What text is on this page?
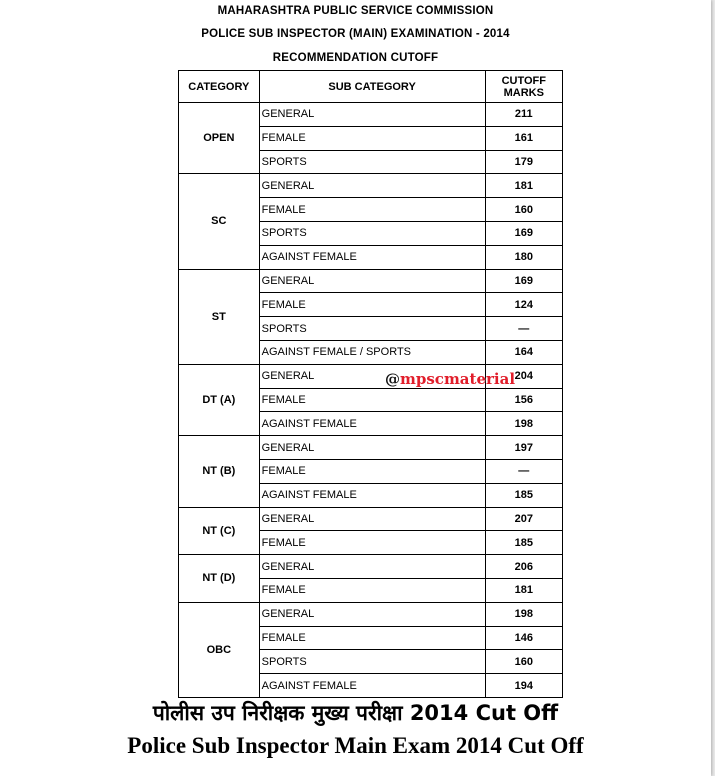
MAHARASHTRA PUBLIC SERVICE COMMISSION
POLICE SUB INSPECTOR (MAIN) EXAMINATION - 2014
RECOMMENDATION CUTOFF
CATEGORY	SUB CATEGORY	CUTOFF
MARKS
OPEN	GENERAL	211
	FEMALE	161
	SPORTS	179
SC	GENERAL	181
	FEMALE	160
	SPORTS	169
	AGAINST FEMALE	180
ST	GENERAL	169
	FEMALE	124
	SPORTS	—
	AGAINST FEMALE / SPORTS	164
DT (A)	GENERAL	204
	FEMALE	156
	AGAINST FEMALE	198
NT (B)	GENERAL	197
	FEMALE	—
	AGAINST FEMALE	185
NT (C)	GENERAL	207
	FEMALE	185
NT (D)	GENERAL	206
	FEMALE	181
OBC	GENERAL	198
	FEMALE	146
	SPORTS	160
	AGAINST FEMALE	194
@mpscmaterial
पोलीस उप निरीक्षक मुख्य परीक्षा 2014 Cut Off
Police Sub Inspector Main Exam 2014 Cut Off
